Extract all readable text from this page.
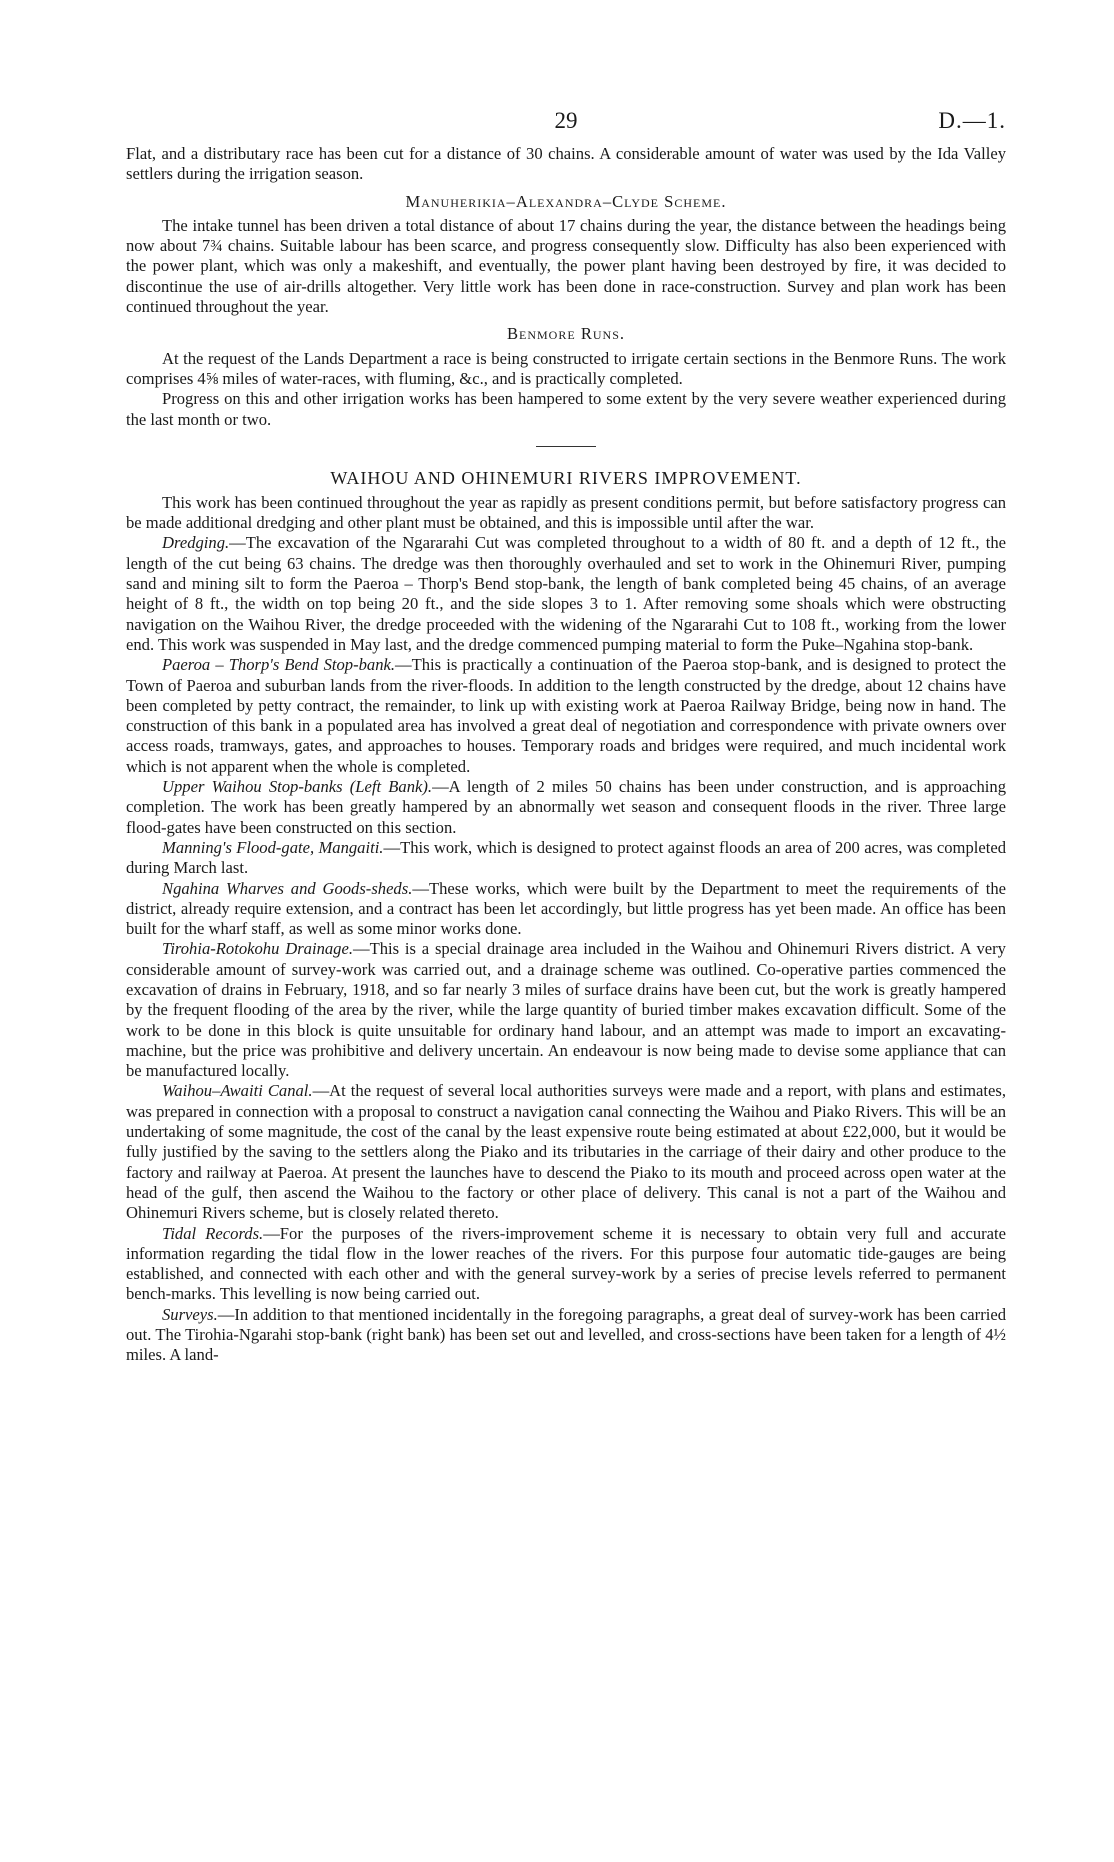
29	D.—1.

Flat, and a distributary race has been cut for a distance of 30 chains. A considerable amount of water was used by the Ida Valley settlers during the irrigation season.

Manuherikia–Alexandra–Clyde Scheme.

The intake tunnel has been driven a total distance of about 17 chains during the year, the distance between the headings being now about 7¾ chains. Suitable labour has been scarce, and progress consequently slow. Difficulty has also been experienced with the power plant, which was only a makeshift, and eventually, the power plant having been destroyed by fire, it was decided to discontinue the use of air-drills altogether. Very little work has been done in race-construction. Survey and plan work has been continued throughout the year.

Benmore Runs.

At the request of the Lands Department a race is being constructed to irrigate certain sections in the Benmore Runs. The work comprises 4⅝ miles of water-races, with fluming, &c., and is practically completed.

Progress on this and other irrigation works has been hampered to some extent by the very severe weather experienced during the last month or two.

WAIHOU AND OHINEMURI RIVERS IMPROVEMENT.

This work has been continued throughout the year as rapidly as present conditions permit, but before satisfactory progress can be made additional dredging and other plant must be obtained, and this is impossible until after the war.

Dredging.—The excavation of the Ngararahi Cut was completed throughout to a width of 80 ft. and a depth of 12 ft., the length of the cut being 63 chains. The dredge was then thoroughly overhauled and set to work in the Ohinemuri River, pumping sand and mining silt to form the Paeroa – Thorp's Bend stop-bank, the length of bank completed being 45 chains, of an average height of 8 ft., the width on top being 20 ft., and the side slopes 3 to 1. After removing some shoals which were obstructing navigation on the Waihou River, the dredge proceeded with the widening of the Ngararahi Cut to 108 ft., working from the lower end. This work was suspended in May last, and the dredge commenced pumping material to form the Puke–Ngahina stop-bank.

Paeroa – Thorp's Bend Stop-bank.—This is practically a continuation of the Paeroa stop-bank, and is designed to protect the Town of Paeroa and suburban lands from the river-floods. In addition to the length constructed by the dredge, about 12 chains have been completed by petty contract, the remainder, to link up with existing work at Paeroa Railway Bridge, being now in hand. The construction of this bank in a populated area has involved a great deal of negotiation and correspondence with private owners over access roads, tramways, gates, and approaches to houses. Temporary roads and bridges were required, and much incidental work which is not apparent when the whole is completed.

Upper Waihou Stop-banks (Left Bank).—A length of 2 miles 50 chains has been under construction, and is approaching completion. The work has been greatly hampered by an abnormally wet season and consequent floods in the river. Three large flood-gates have been constructed on this section.

Manning's Flood-gate, Mangaiti.—This work, which is designed to protect against floods an area of 200 acres, was completed during March last.

Ngahina Wharves and Goods-sheds.—These works, which were built by the Department to meet the requirements of the district, already require extension, and a contract has been let accordingly, but little progress has yet been made. An office has been built for the wharf staff, as well as some minor works done.

Tirohia-Rotokohu Drainage.—This is a special drainage area included in the Waihou and Ohinemuri Rivers district. A very considerable amount of survey-work was carried out, and a drainage scheme was outlined. Co-operative parties commenced the excavation of drains in February, 1918, and so far nearly 3 miles of surface drains have been cut, but the work is greatly hampered by the frequent flooding of the area by the river, while the large quantity of buried timber makes excavation difficult. Some of the work to be done in this block is quite unsuitable for ordinary hand labour, and an attempt was made to import an excavating-machine, but the price was prohibitive and delivery uncertain. An endeavour is now being made to devise some appliance that can be manufactured locally.

Waihou–Awaiti Canal.—At the request of several local authorities surveys were made and a report, with plans and estimates, was prepared in connection with a proposal to construct a navigation canal connecting the Waihou and Piako Rivers. This will be an undertaking of some magnitude, the cost of the canal by the least expensive route being estimated at about £22,000, but it would be fully justified by the saving to the settlers along the Piako and its tributaries in the carriage of their dairy and other produce to the factory and railway at Paeroa. At present the launches have to descend the Piako to its mouth and proceed across open water at the head of the gulf, then ascend the Waihou to the factory or other place of delivery. This canal is not a part of the Waihou and Ohinemuri Rivers scheme, but is closely related thereto.

Tidal Records.—For the purposes of the rivers-improvement scheme it is necessary to obtain very full and accurate information regarding the tidal flow in the lower reaches of the rivers. For this purpose four automatic tide-gauges are being established, and connected with each other and with the general survey-work by a series of precise levels referred to permanent bench-marks. This levelling is now being carried out.

Surveys.—In addition to that mentioned incidentally in the foregoing paragraphs, a great deal of survey-work has been carried out. The Tirohia-Ngarahi stop-bank (right bank) has been set out and levelled, and cross-sections have been taken for a length of 4½ miles. A land-
